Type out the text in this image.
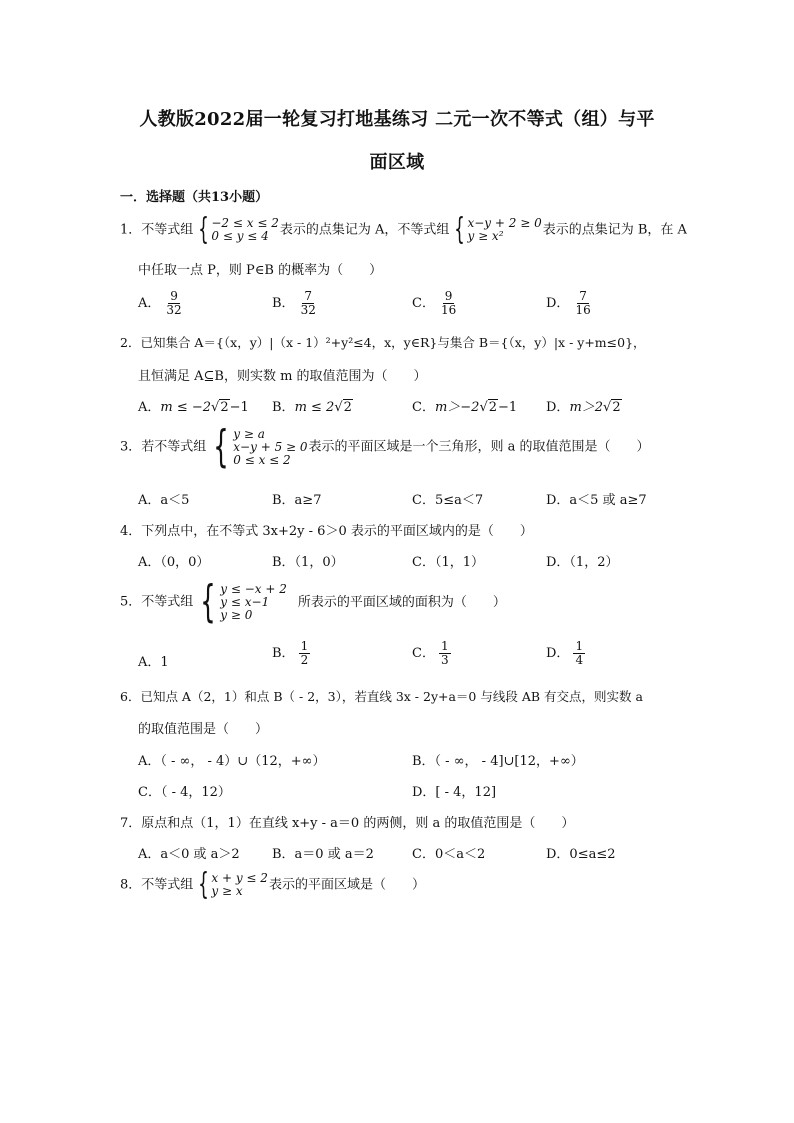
人教版2022届一轮复习打地基练习 二元一次不等式（组）与平
面区域
一．选择题（共13小题）
1．不等式组 { −2 ≤ x ≤ 2
0 ≤ y ≤ 4 表示的点集记为 A，不等式组 { x−y + 2 ≥ 0
y ≥ x²	表示的点集记为 B，在 A
中任取一点 P，则 P∈B 的概率为（　　）
A． $\frac{9}{32}$	B． $\frac{7}{32}$	C． $\frac{9}{16}$	D． $\frac{7}{16}$
2．已知集合 A＝{（x，y）|（x - 1）²+y²≤4，x，y∈R}与集合 B＝{（x，y）|x - y+m≤0}，
且恒满足 A⊆B，则实数 m 的取值范围为（　　）
A．m ≤ −2√2−1 B．m ≤ 2√2	C．m＞−2√2−1 D．m＞2√2
3．若不等式组 { y ≥ a
x−y + 5 ≥ 0
0 ≤ x ≤ 2
表示的平面区域是一个三角形，则 a 的取值范围是（　　）
A．a＜5	B．a≥7	C．5≤a＜7	D．a＜5 或 a≥7
4．下列点中，在不等式 3x+2y - 6＞0 表示的平面区域内的是（　　）
A．（0，0）	B．（1，0）	C．（1，1）	D．（1，2）
5．不等式组 { y ≤ −x + 2
y ≤ x−1
y ≥ 0
所表示的平面区域的面积为（　　）
A．1
B． $\frac{1}{2}$	C． $\frac{1}{3}$	D． $\frac{1}{4}$
6．已知点 A（2，1）和点 B（ - 2，3），若直线 3x - 2y+a＝0 与线段 AB 有交点，则实数 a
的取值范围是（　　）
A．（ - ∞， - 4）∪（12，+∞）	B．（ - ∞， - 4]∪[12，+∞）
C．（ - 4，12）	D．[ - 4，12]
7．原点和点（1，1）在直线 x+y - a＝0 的两侧，则 a 的取值范围是（　　）
A．a＜0 或 a＞2 B．a＝0 或 a＝2	C．0＜a＜2	D．0≤a≤2
8．不等式组 { x + y ≤ 2
y ≥ x	表示的平面区域是（　　）
